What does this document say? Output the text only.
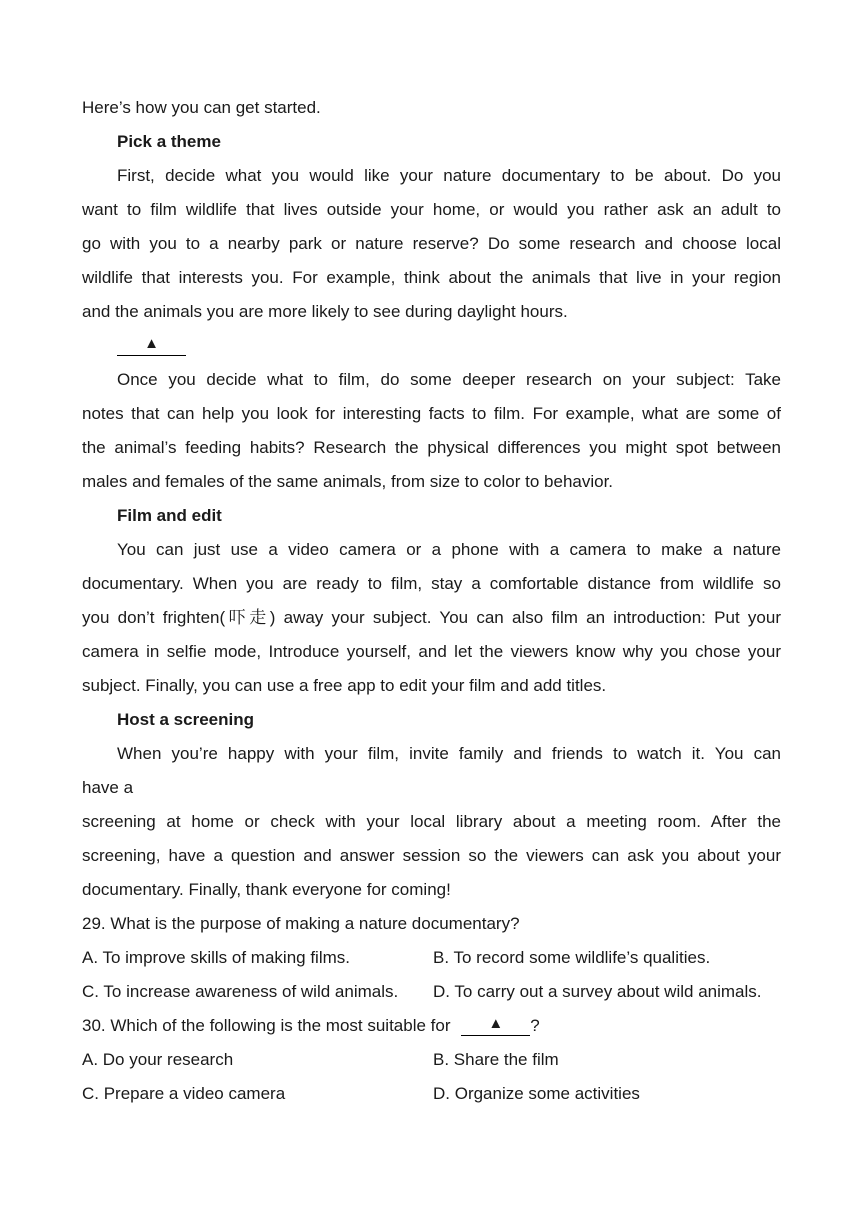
Here’s how you can get started.
Pick a theme
First, decide what you would like your nature documentary to be about. Do you
want to film wildlife that lives outside your home, or would you rather ask an adult to
go with you to a nearby park or nature reserve? Do some research and choose local
wildlife that interests you. For example, think about the animals that live in your region
and the animals you are more likely to see during daylight hours.
▲
Once you decide what to film, do some deeper research on your subject: Take
notes that can help you look for interesting facts to film. For example, what are some of
the animal’s feeding habits? Research the physical differences you might spot between
males and females of the same animals, from size to color to behavior.
Film and edit
You can just use a video camera or a phone with a camera to make a nature
documentary. When you are ready to film, stay a comfortable distance from wildlife so
you don’t frighten(吓走) away your subject. You can also film an introduction: Put your
camera in selfie mode, Introduce yourself, and let the viewers know why you chose your
subject. Finally, you can use a free app to edit your film and add titles.
Host a screening
When you’re happy with your film, invite family and friends to watch it. You can
have a
screening at home or check with your local library about a meeting room. After the
screening, have a question and answer session so the viewers can ask you about your
documentary. Finally, thank everyone for coming!
29. What is the purpose of making a nature documentary?
A. To improve skills of making films.	B. To record some wildlife’s qualities.
C. To increase awareness of wild animals.	D. To carry out a survey about wild animals.
30. Which of the following is the most suitable for	▲ ?
A. Do your research	B. Share the film
C. Prepare a video camera	D. Organize some activities
